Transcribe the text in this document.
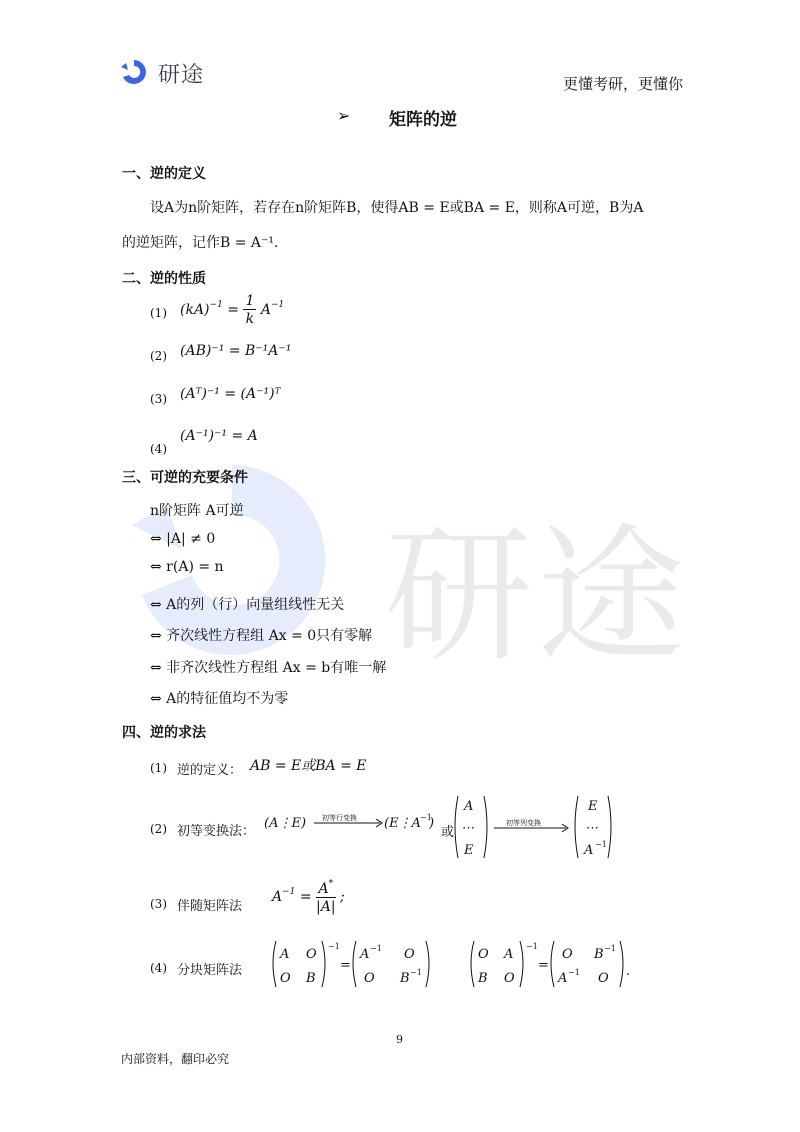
研途
研途	更懂考研，更懂你
➢ 矩阵的逆
一、逆的定义
设A为n阶矩阵，若存在n阶矩阵B，使得AB = E或BA = E，则称A可逆，B为A
的逆矩阵，记作B = A⁻¹.
二、逆的性质
(1) $(kA)^{-1} = \frac{1}{k} A^{-1}$
(2) (AB)⁻¹ = B⁻¹A⁻¹
(3) (Aᵀ)⁻¹ = (A⁻¹)ᵀ
(4)
(A⁻¹)⁻¹ = A
三、可逆的充要条件
n阶矩阵 A可逆
⇔ |A| ≠ 0
⇔ r(A) = n
⇔ A的列（行）向量组线性无关
⇔ 齐次线性方程组 Ax = 0只有零解
⇔ 非齐次线性方程组 Ax = b有唯一解
⇔ A的特征值均不为零
四、逆的求法
(1) 逆的定义： AB = E或BA = E
(2) 初等变换法：
(A⋮E)	(E⋮A −1
)
A
⋯
E
E
⋯
A −1
初等行变换
初等列变换
或
(3) 伴随矩阵法
$A^{-1} = \frac{A^*}{|A|}$ ;
(4) 分块矩阵法
A O
O B
−1
=
A −1 O
O B −1
O A
B O
−1
=
O B −1
A −1 O .
9
内部资料，翻印必究
